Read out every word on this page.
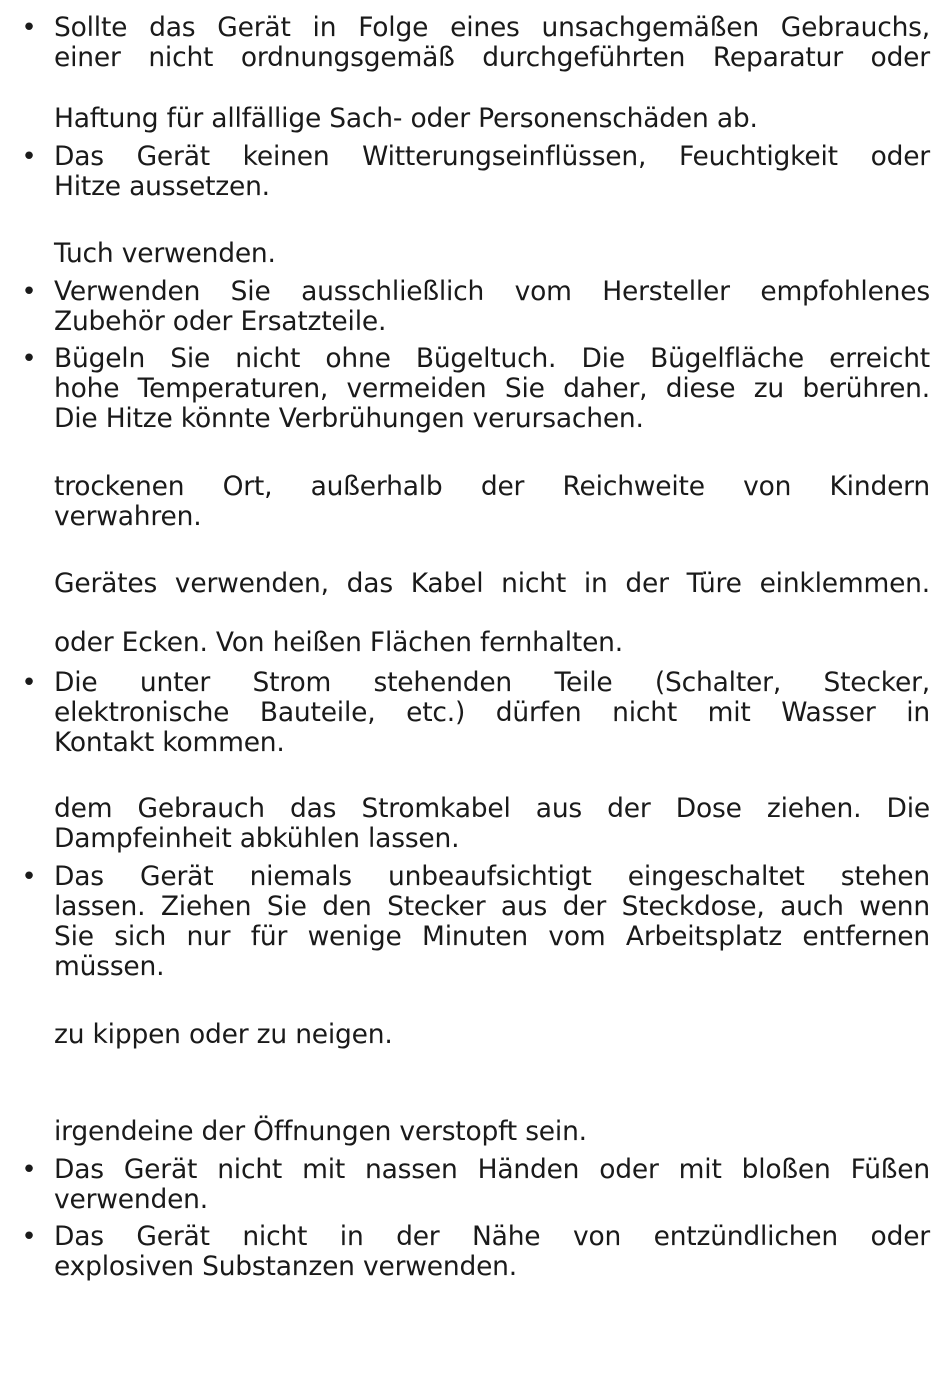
• Sollte das Gerät in Folge eines unsachgemäßen Gebrauchs,
einer nicht ordnungsgemäß durchgeführten Reparatur oder
Haftung für allfällige Sach- oder Personenschäden ab.
• Das Gerät keinen Witterungseinflüssen, Feuchtigkeit oder
Hitze aussetzen.
Tuch verwenden.
• Verwenden Sie ausschließlich vom Hersteller empfohlenes
Zubehör oder Ersatzteile.
• Bügeln Sie nicht ohne Bügeltuch. Die Bügelfläche erreicht
hohe Temperaturen, vermeiden Sie daher, diese zu berühren.
Die Hitze könnte Verbrühungen verursachen.
trockenen Ort, außerhalb der Reichweite von Kindern
verwahren.
Gerätes verwenden, das Kabel nicht in der Türe einklemmen.
oder Ecken. Von heißen Flächen fernhalten.
• Die unter Strom stehenden Teile (Schalter, Stecker,
elektronische Bauteile, etc.) dürfen nicht mit Wasser in
Kontakt kommen.
dem Gebrauch das Stromkabel aus der Dose ziehen. Die
Dampfeinheit abkühlen lassen.
• Das Gerät niemals unbeaufsichtigt eingeschaltet stehen
lassen. Ziehen Sie den Stecker aus der Steckdose, auch wenn
Sie sich nur für wenige Minuten vom Arbeitsplatz entfernen
müssen.
zu kippen oder zu neigen.
irgendeine der Öffnungen verstopft sein.
• Das Gerät nicht mit nassen Händen oder mit bloßen Füßen
verwenden.
• Das Gerät nicht in der Nähe von entzündlichen oder
explosiven Substanzen verwenden.
